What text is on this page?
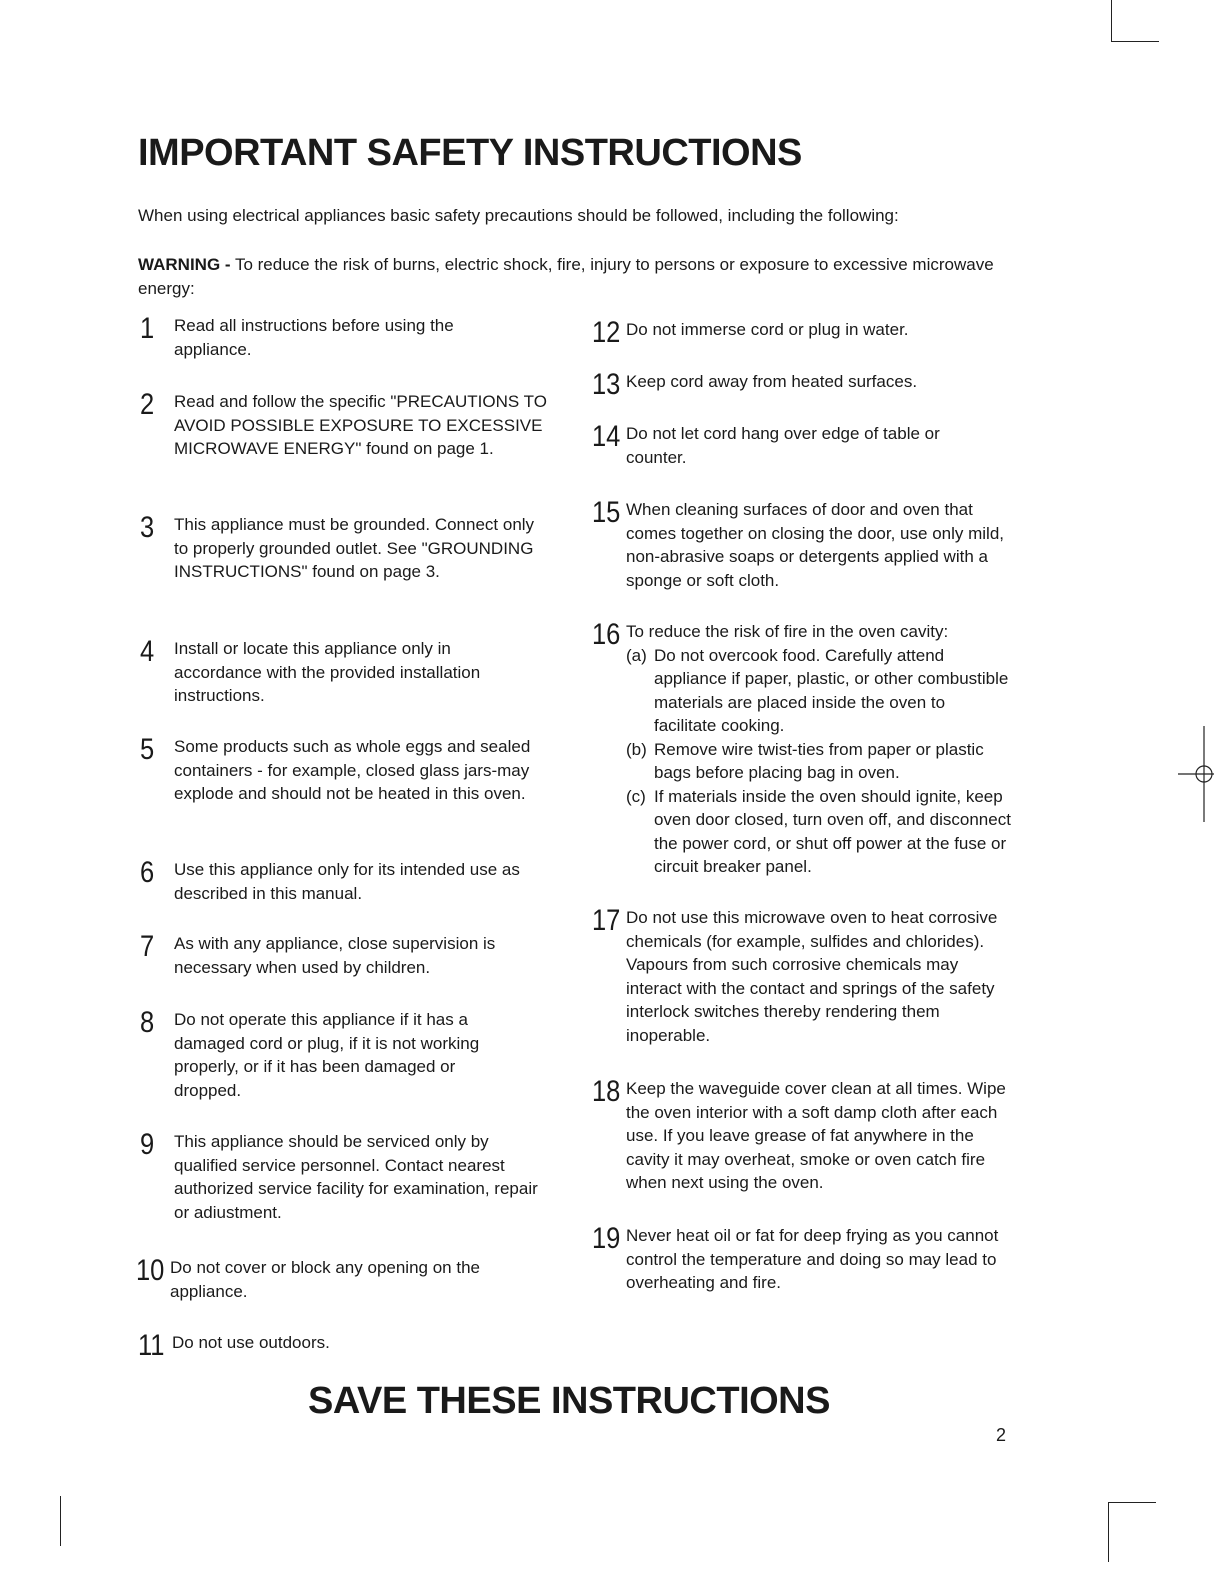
IMPORTANT SAFETY INSTRUCTIONS

When using electrical appliances basic safety precautions should be followed, including the following:

WARNING - To reduce the risk of burns, electric shock, fire, injury to persons or exposure to excessive microwave energy:

1 Read all instructions before using the appliance.
2 Read and follow the specific "PRECAUTIONS TO AVOID POSSIBLE EXPOSURE TO EXCESSIVE MICROWAVE ENERGY" found on page 1.
3 This appliance must be grounded. Connect only to properly grounded outlet. See "GROUNDING INSTRUCTIONS" found on page 3.
4 Install or locate this appliance only in accordance with the provided installation instructions.
5 Some products such as whole eggs and sealed containers - for example, closed glass jars-may explode and should not be heated in this oven.
6 Use this appliance only for its intended use as described in this manual.
7 As with any appliance, close supervision is necessary when used by children.
8 Do not operate this appliance if it has a damaged cord or plug, if it is not working properly, or if it has been damaged or dropped.
9 This appliance should be serviced only by qualified service personnel. Contact nearest authorized service facility for examination, repair or adiustment.
10 Do not cover or block any opening on the appliance.
11 Do not use outdoors.
12 Do not immerse cord or plug in water.
13 Keep cord away from heated surfaces.
14 Do not let cord hang over edge of table or counter.
15 When cleaning surfaces of door and oven that comes together on closing the door, use only mild, non-abrasive soaps or detergents applied with a sponge or soft cloth.
16 To reduce the risk of fire in the oven cavity:
(a) Do not overcook food. Carefully attend appliance if paper, plastic, or other combustible materials are placed inside the oven to facilitate cooking.
(b) Remove wire twist-ties from paper or plastic bags before placing bag in oven.
(c) If materials inside the oven should ignite, keep oven door closed, turn oven off, and disconnect the power cord, or shut off power at the fuse or circuit breaker panel.
17 Do not use this microwave oven to heat corrosive chemicals (for example, sulfides and chlorides). Vapours from such corrosive chemicals may interact with the contact and springs of the safety interlock switches thereby rendering them inoperable.
18 Keep the waveguide cover clean at all times. Wipe the oven interior with a soft damp cloth after each use. If you leave grease of fat anywhere in the cavity it may overheat, smoke or oven catch fire when next using the oven.
19 Never heat oil or fat for deep frying as you cannot control the temperature and doing so may lead to overheating and fire.
SAVE THESE INSTRUCTIONS
2
